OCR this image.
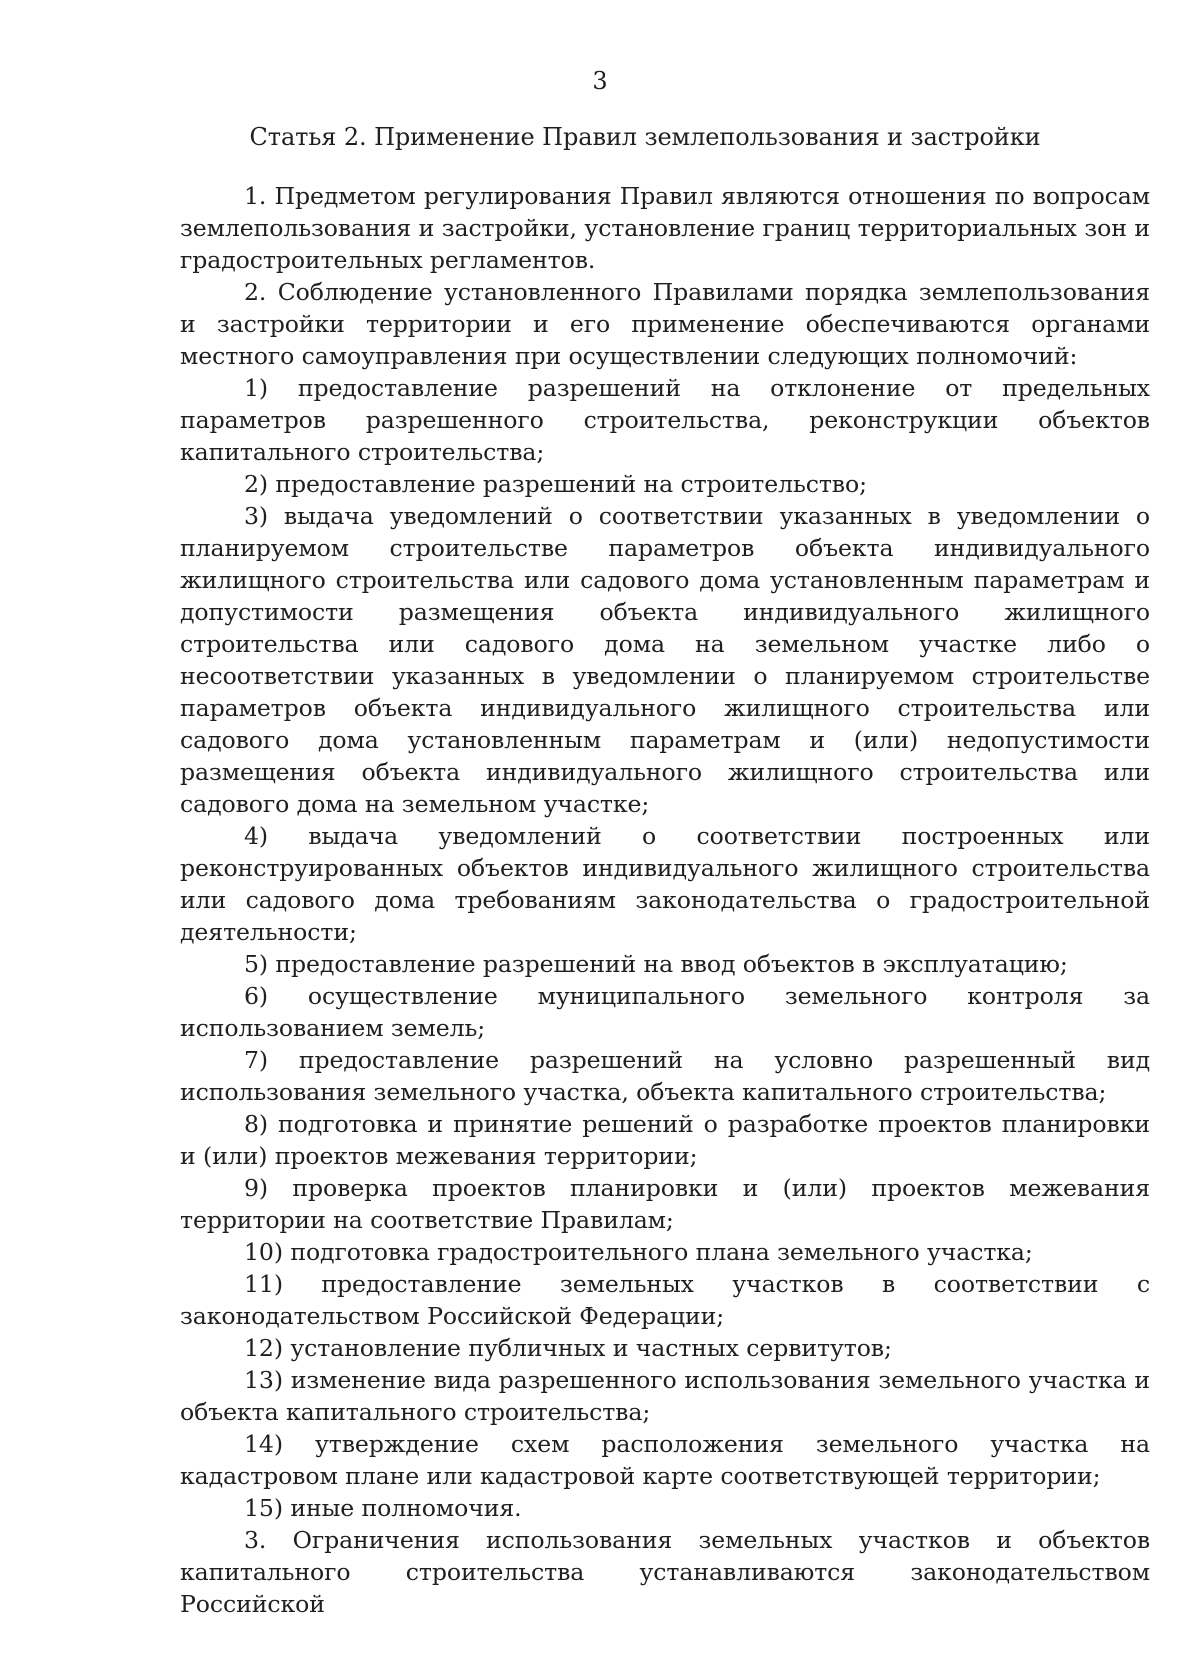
3
Статья 2. Применение Правил землепользования и застройки

1. Предметом регулирования Правил являются отношения по вопросам землепользования и застройки, установление границ территориальных зон и градостроительных регламентов.

2. Соблюдение установленного Правилами порядка землепользования и застройки территории и его применение обеспечиваются органами местного самоуправления при осуществлении следующих полномочий:

1) предоставление разрешений на отклонение от предельных параметров разрешенного строительства, реконструкции объектов капитального строительства;

2) предоставление разрешений на строительство;

3) выдача уведомлений о соответствии указанных в уведомлении о планируемом строительстве параметров объекта индивидуального жилищного строительства или садового дома установленным параметрам и допустимости размещения объекта индивидуального жилищного строительства или садового дома на земельном участке либо о несоответствии указанных в уведомлении о планируемом строительстве параметров объекта индивидуального жилищного строительства или садового дома установленным параметрам и (или) недопустимости размещения объекта индивидуального жилищного строительства или садового дома на земельном участке;

4) выдача уведомлений о соответствии построенных или реконструированных объектов индивидуального жилищного строительства или садового дома требованиям законодательства о градостроительной деятельности;

5) предоставление разрешений на ввод объектов в эксплуатацию;

6) осуществление муниципального земельного контроля за использованием земель;

7) предоставление разрешений на условно разрешенный вид использования земельного участка, объекта капитального строительства;

8) подготовка и принятие решений о разработке проектов планировки и (или) проектов межевания территории;

9) проверка проектов планировки и (или) проектов межевания территории на соответствие Правилам;

10) подготовка градостроительного плана земельного участка;

11) предоставление земельных участков в соответствии с законодательством Российской Федерации;

12) установление публичных и частных сервитутов;

13) изменение вида разрешенного использования земельного участка и объекта капитального строительства;

14) утверждение схем расположения земельного участка на кадастровом плане или кадастровой карте соответствующей территории;

15) иные полномочия.

3. Ограничения использования земельных участков и объектов капитального строительства устанавливаются законодательством Российской
